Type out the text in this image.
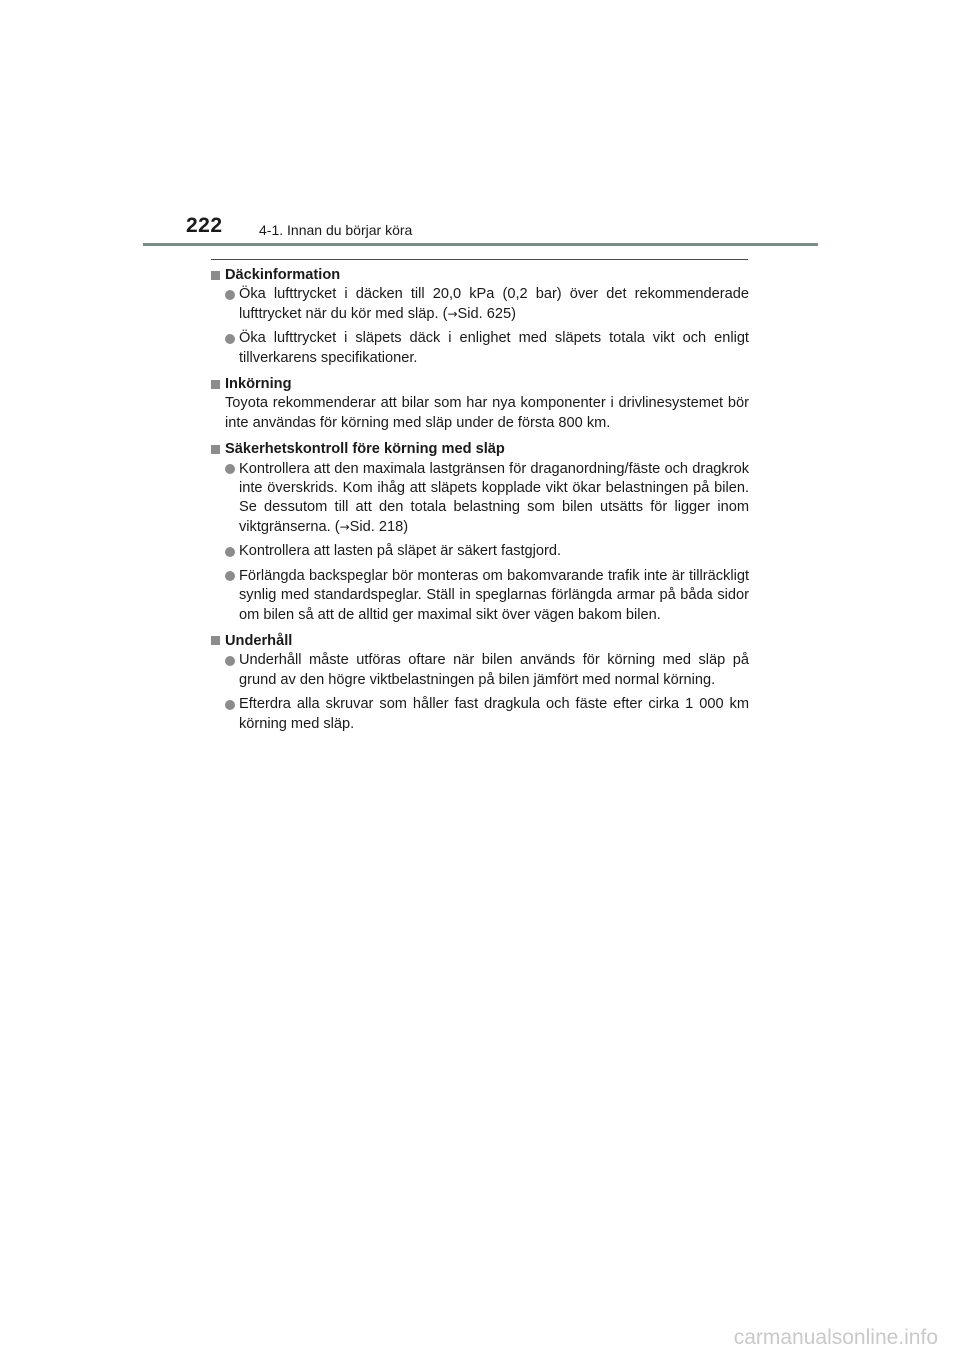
222	4-1. Innan du börjar köra
Däckinformation
Öka lufttrycket i däcken till 20,0 kPa (0,2 bar) över det rekommenderade lufttrycket när du kör med släp. (→Sid. 625)
Öka lufttrycket i släpets däck i enlighet med släpets totala vikt och enligt tillverkarens specifikationer.
Inkörning
Toyota rekommenderar att bilar som har nya komponenter i drivlinesystemet bör inte användas för körning med släp under de första 800 km.
Säkerhetskontroll före körning med släp
Kontrollera att den maximala lastgränsen för draganordning/fäste och dragkrok inte överskrids. Kom ihåg att släpets kopplade vikt ökar belastningen på bilen. Se dessutom till att den totala belastning som bilen utsätts för ligger inom viktgränserna. (→Sid. 218)
Kontrollera att lasten på släpet är säkert fastgjord.
Förlängda backspeglar bör monteras om bakomvarande trafik inte är tillräckligt synlig med standardspeglar. Ställ in speglarnas förlängda armar på båda sidor om bilen så att de alltid ger maximal sikt över vägen bakom bilen.
Underhåll
Underhåll måste utföras oftare när bilen används för körning med släp på grund av den högre viktbelastningen på bilen jämfört med normal körning.
Efterdra alla skruvar som håller fast dragkula och fäste efter cirka 1 000 km körning med släp.
carmanualsonline.info
